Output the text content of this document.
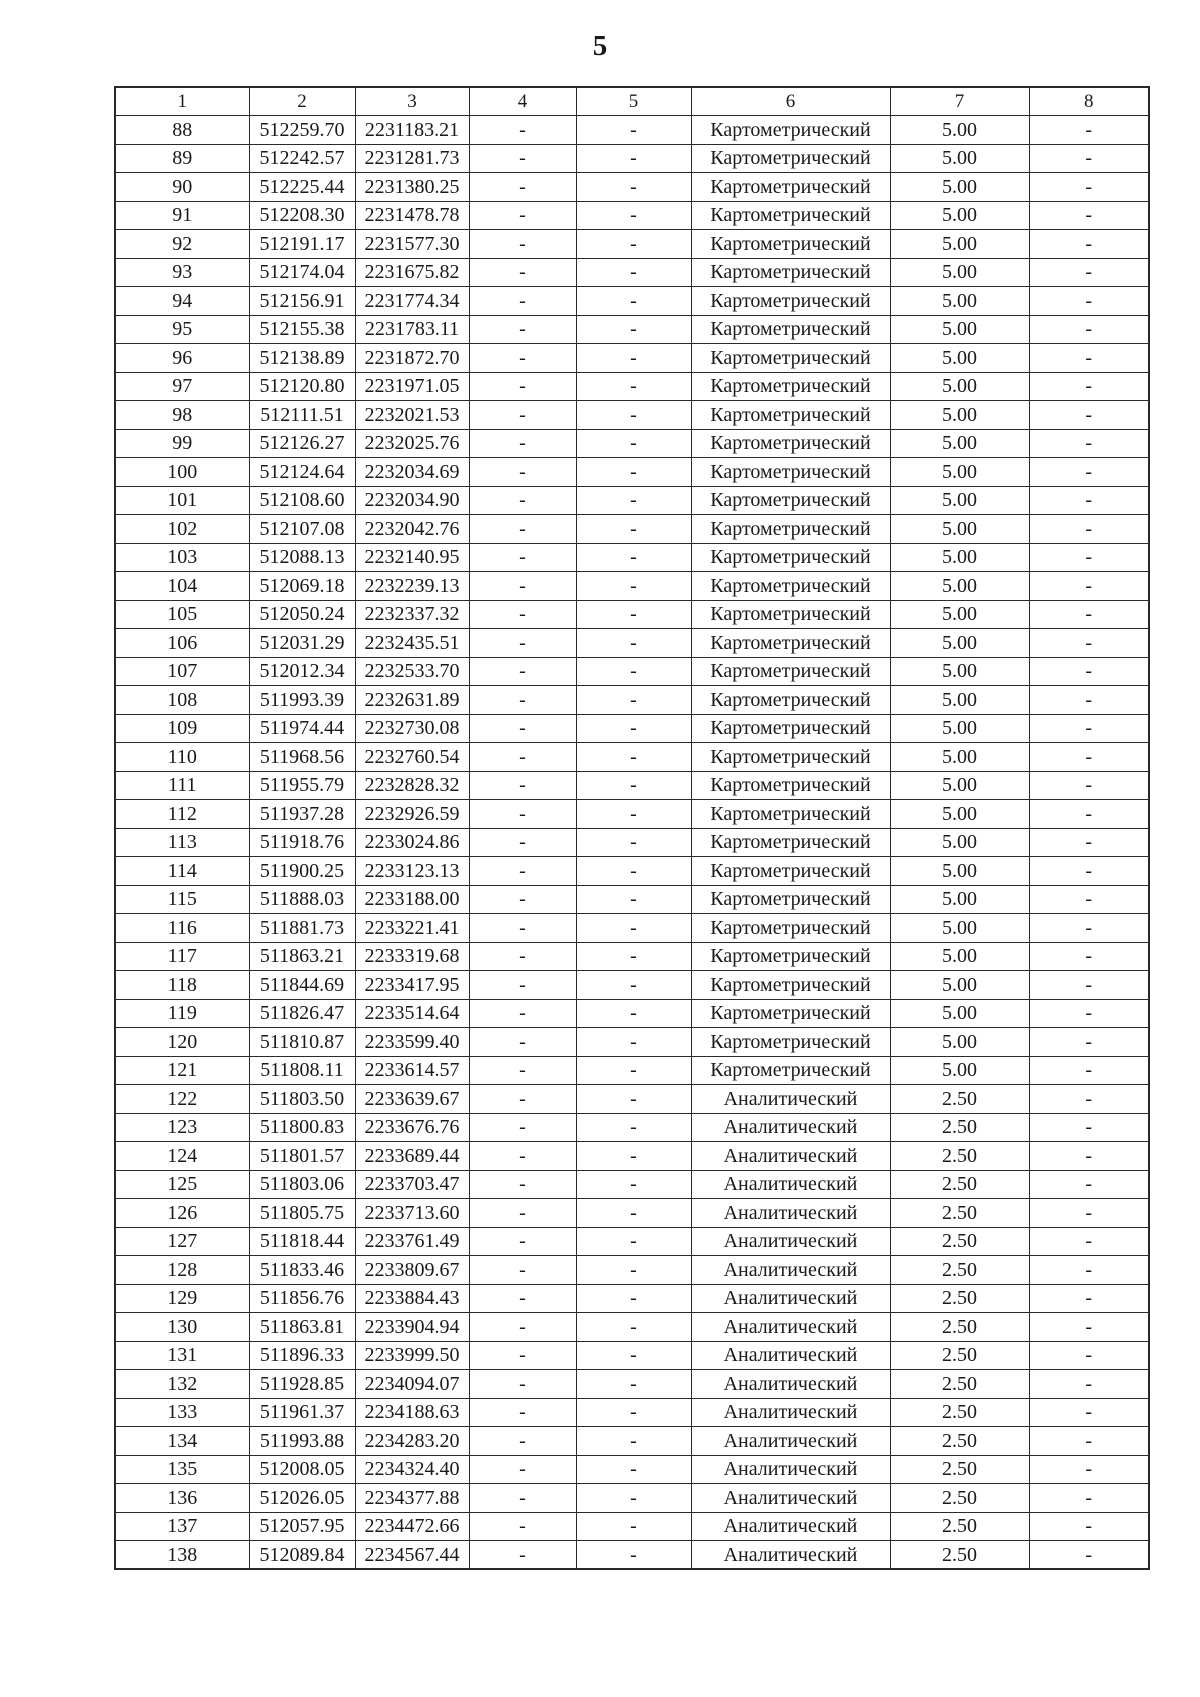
5
1	2	3	4	5	6	7	8
88	512259.70	2231183.21	-	-	Картометрический	5.00	-
89	512242.57	2231281.73	-	-	Картометрический	5.00	-
90	512225.44	2231380.25	-	-	Картометрический	5.00	-
91	512208.30	2231478.78	-	-	Картометрический	5.00	-
92	512191.17	2231577.30	-	-	Картометрический	5.00	-
93	512174.04	2231675.82	-	-	Картометрический	5.00	-
94	512156.91	2231774.34	-	-	Картометрический	5.00	-
95	512155.38	2231783.11	-	-	Картометрический	5.00	-
96	512138.89	2231872.70	-	-	Картометрический	5.00	-
97	512120.80	2231971.05	-	-	Картометрический	5.00	-
98	512111.51	2232021.53	-	-	Картометрический	5.00	-
99	512126.27	2232025.76	-	-	Картометрический	5.00	-
100	512124.64	2232034.69	-	-	Картометрический	5.00	-
101	512108.60	2232034.90	-	-	Картометрический	5.00	-
102	512107.08	2232042.76	-	-	Картометрический	5.00	-
103	512088.13	2232140.95	-	-	Картометрический	5.00	-
104	512069.18	2232239.13	-	-	Картометрический	5.00	-
105	512050.24	2232337.32	-	-	Картометрический	5.00	-
106	512031.29	2232435.51	-	-	Картометрический	5.00	-
107	512012.34	2232533.70	-	-	Картометрический	5.00	-
108	511993.39	2232631.89	-	-	Картометрический	5.00	-
109	511974.44	2232730.08	-	-	Картометрический	5.00	-
110	511968.56	2232760.54	-	-	Картометрический	5.00	-
111	511955.79	2232828.32	-	-	Картометрический	5.00	-
112	511937.28	2232926.59	-	-	Картометрический	5.00	-
113	511918.76	2233024.86	-	-	Картометрический	5.00	-
114	511900.25	2233123.13	-	-	Картометрический	5.00	-
115	511888.03	2233188.00	-	-	Картометрический	5.00	-
116	511881.73	2233221.41	-	-	Картометрический	5.00	-
117	511863.21	2233319.68	-	-	Картометрический	5.00	-
118	511844.69	2233417.95	-	-	Картометрический	5.00	-
119	511826.47	2233514.64	-	-	Картометрический	5.00	-
120	511810.87	2233599.40	-	-	Картометрический	5.00	-
121	511808.11	2233614.57	-	-	Картометрический	5.00	-
122	511803.50	2233639.67	-	-	Аналитический	2.50	-
123	511800.83	2233676.76	-	-	Аналитический	2.50	-
124	511801.57	2233689.44	-	-	Аналитический	2.50	-
125	511803.06	2233703.47	-	-	Аналитический	2.50	-
126	511805.75	2233713.60	-	-	Аналитический	2.50	-
127	511818.44	2233761.49	-	-	Аналитический	2.50	-
128	511833.46	2233809.67	-	-	Аналитический	2.50	-
129	511856.76	2233884.43	-	-	Аналитический	2.50	-
130	511863.81	2233904.94	-	-	Аналитический	2.50	-
131	511896.33	2233999.50	-	-	Аналитический	2.50	-
132	511928.85	2234094.07	-	-	Аналитический	2.50	-
133	511961.37	2234188.63	-	-	Аналитический	2.50	-
134	511993.88	2234283.20	-	-	Аналитический	2.50	-
135	512008.05	2234324.40	-	-	Аналитический	2.50	-
136	512026.05	2234377.88	-	-	Аналитический	2.50	-
137	512057.95	2234472.66	-	-	Аналитический	2.50	-
138	512089.84	2234567.44	-	-	Аналитический	2.50	-
